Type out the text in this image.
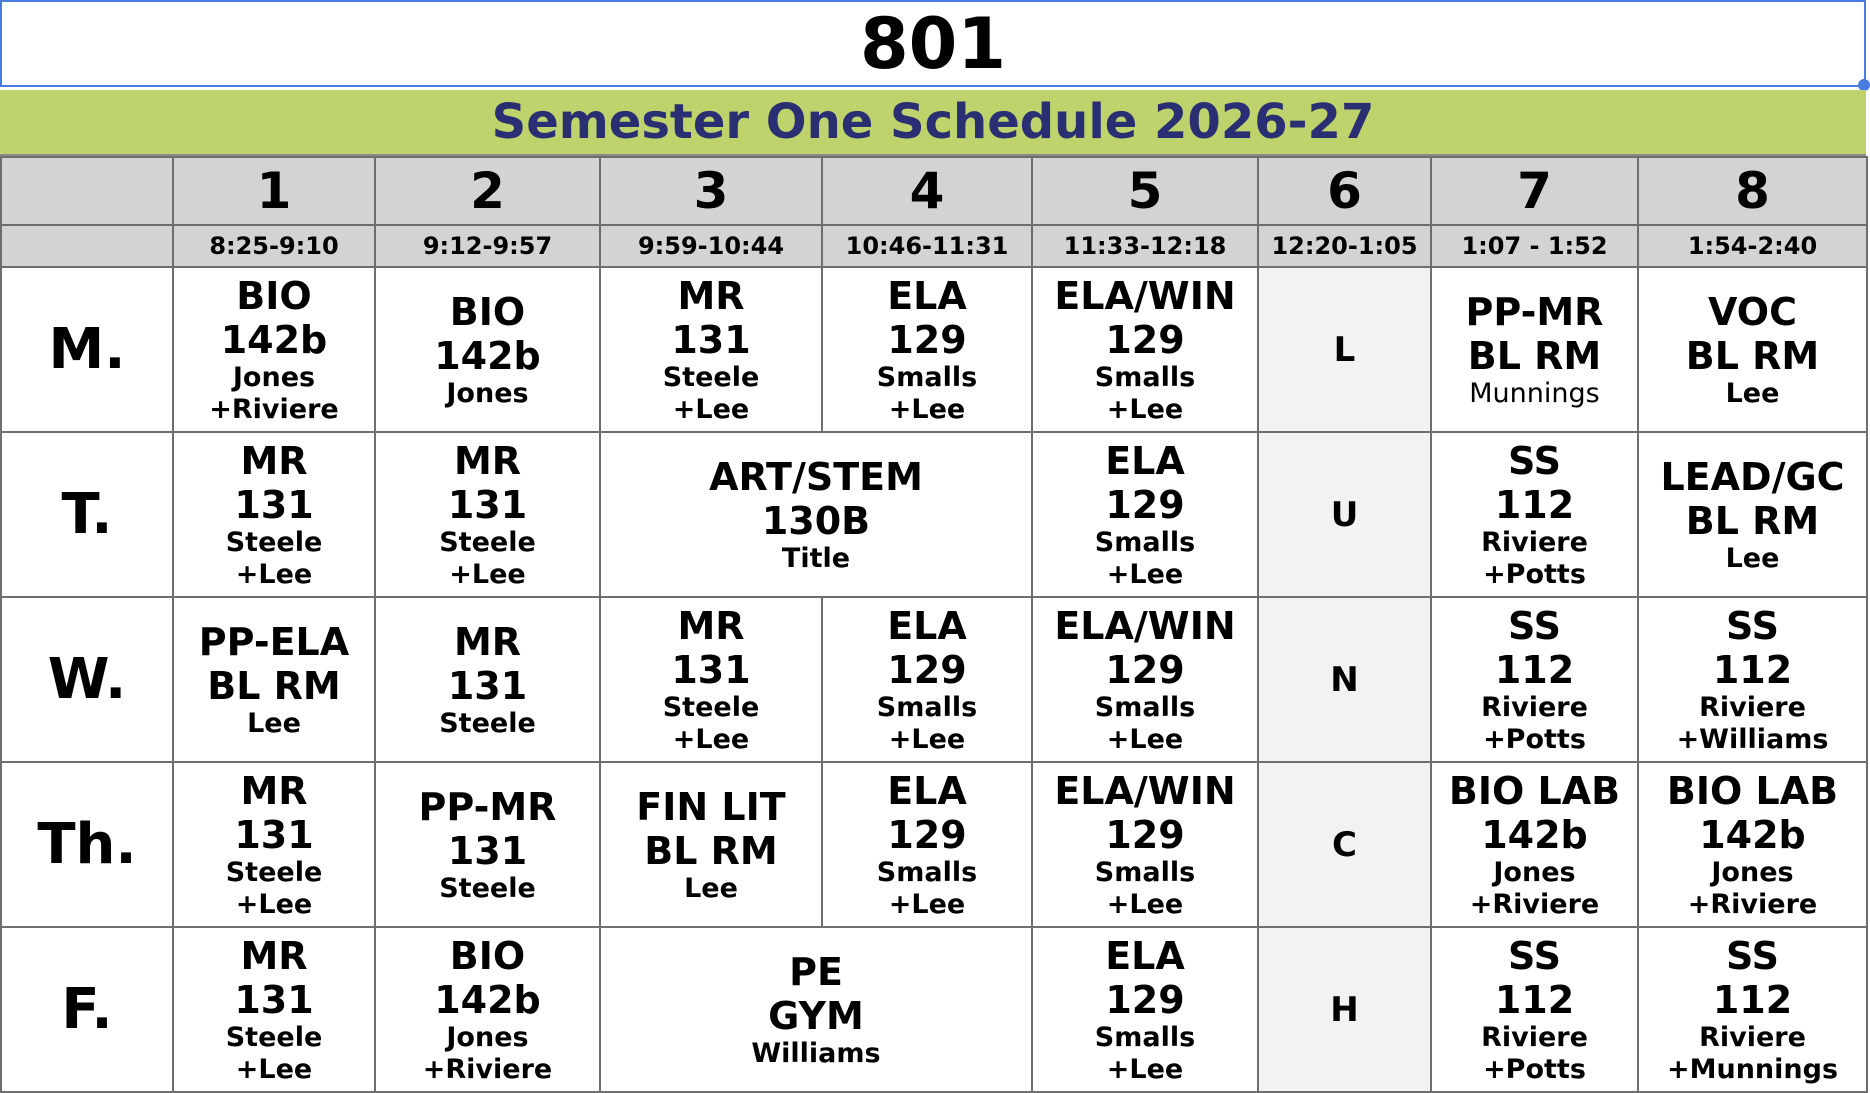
801
Semester One Schedule 2026-27
	1	2	3	4	5	6	7	8
	8:25-9:10	9:12-9:57	9:59-10:44	10:46-11:31	11:33-12:18	12:20-1:05	1:07 - 1:52	1:54-2:40
M.	BIO
142b
Jones
+Riviere	BIO
142b
Jones	MR
131
Steele
+Lee	ELA
129
Smalls
+Lee	ELA/WIN
129
Smalls
+Lee	L	PP-MR
BL RM
Munnings	VOC
BL RM
Lee

T.	MR
131
Steele
+Lee	MR
131
Steele
+Lee	ART/STEM
130B
Title		ELA
129
Smalls
+Lee	U	SS
112
Riviere
+Potts	LEAD/GC
BL RM
Lee

W.	PP-ELA
BL RM
Lee	MR
131
Steele	MR
131
Steele
+Lee	ELA
129
Smalls
+Lee	ELA/WIN
129
Smalls
+Lee	N	SS
112
Riviere
+Potts	SS
112
Riviere
+Williams

Th.	MR
131
Steele
+Lee	PP-MR
131
Steele	FIN LIT
BL RM
Lee	ELA
129
Smalls
+Lee	ELA/WIN
129
Smalls
+Lee	C	BIO LAB
142b
Jones
+Riviere	BIO LAB
142b
Jones
+Riviere

F.	MR
131
Steele
+Lee	BIO
142b
Jones
+Riviere	PE
GYM
Williams		ELA
129
Smalls
+Lee	H	SS
112
Riviere
+Potts	SS
112
Riviere
+Munnings
